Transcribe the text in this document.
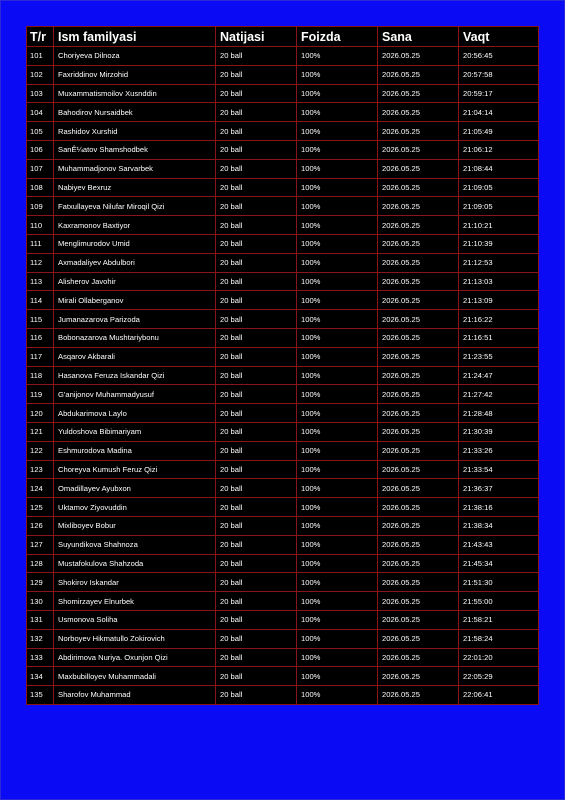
T/r	Ism familyasi	Natijasi	Foizda	Sana	Vaqt
101	Choriyeva Dilnoza	20 ball	100%	2026.05.25	20:56:45
102	Faxriddinov Mirzohid	20 ball	100%	2026.05.25	20:57:58
103	Muxammatismoilov Xusnddin	20 ball	100%	2026.05.25	20:59:17
104	Bahodirov Nursaidbek	20 ball	100%	2026.05.25	21:04:14
105	Rashidov Xurshid	20 ball	100%	2026.05.25	21:05:49
106	SanÊ¼atov Shamshodbek	20 ball	100%	2026.05.25	21:06:12
107	Muhammadjonov Sarvarbek	20 ball	100%	2026.05.25	21:08:44
108	Nabiyev Bexruz	20 ball	100%	2026.05.25	21:09:05
109	Fatxullayeva Nilufar Miroqil Qizi	20 ball	100%	2026.05.25	21:09:05
110	Kaxramonov Baxtiyor	20 ball	100%	2026.05.25	21:10:21
111	Menglimurodov Umid	20 ball	100%	2026.05.25	21:10:39
112	Axmadaliyev Abdulbori	20 ball	100%	2026.05.25	21:12:53
113	Alisherov Javohir	20 ball	100%	2026.05.25	21:13:03
114	Mirali Ollaberganov	20 ball	100%	2026.05.25	21:13:09
115	Jumanazarova Parizoda	20 ball	100%	2026.05.25	21:16:22
116	Bobonazarova Mushtariybonu	20 ball	100%	2026.05.25	21:16:51
117	Asqarov Akbarali	20 ball	100%	2026.05.25	21:23:55
118	Hasanova Feruza Iskandar Qizi	20 ball	100%	2026.05.25	21:24:47
119	G'anijonov Muhammadyusuf	20 ball	100%	2026.05.25	21:27:42
120	Abdukarimova Laylo	20 ball	100%	2026.05.25	21:28:48
121	Yuldoshova Bibimariyam	20 ball	100%	2026.05.25	21:30:39
122	Eshmurodova Madina	20 ball	100%	2026.05.25	21:33:26
123	Choreyva Kumush Feruz Qizi	20 ball	100%	2026.05.25	21:33:54
124	Omadillayev Ayubxon	20 ball	100%	2026.05.25	21:36:37
125	Uktamov Ziyovuddin	20 ball	100%	2026.05.25	21:38:16
126	Mixliboyev Bobur	20 ball	100%	2026.05.25	21:38:34
127	Suyundikova Shahnoza	20 ball	100%	2026.05.25	21:43:43
128	Mustafokulova Shahzoda	20 ball	100%	2026.05.25	21:45:34
129	Shokirov Iskandar	20 ball	100%	2026.05.25	21:51:30
130	Shomirzayev Elnurbek	20 ball	100%	2026.05.25	21:55:00
131	Usmonova Soliha	20 ball	100%	2026.05.25	21:58:21
132	Norboyev Hikmatullo Zokirovich	20 ball	100%	2026.05.25	21:58:24
133	Abdirimova Nuriya. Oxunjon Qizi	20 ball	100%	2026.05.25	22:01:20
134	Maxbubilloyev Muhammadali	20 ball	100%	2026.05.25	22:05:29
135	Sharofov Muhammad	20 ball	100%	2026.05.25	22:06:41
